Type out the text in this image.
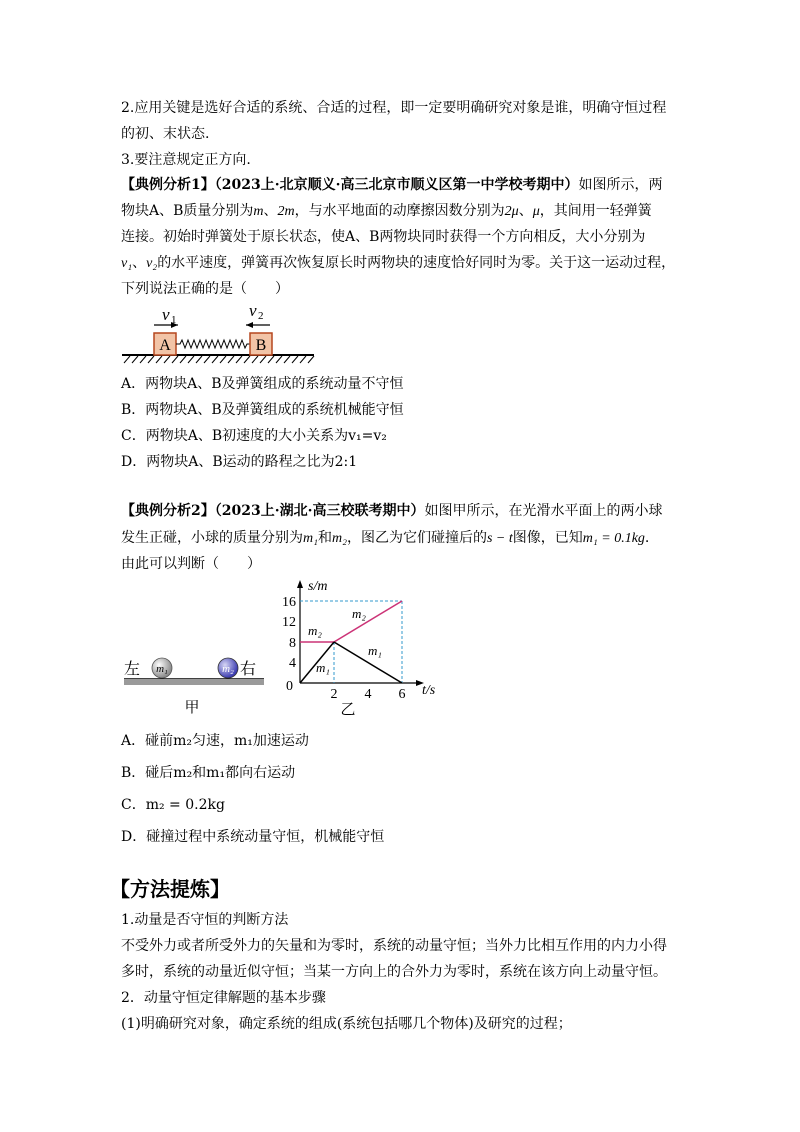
2.应用关键是选好合适的系统、合适的过程，即一定要明确研究对象是谁，明确守恒过程
的初、末状态.
3.要注意规定正方向.
【典例分析1】（2023上·北京顺义·高三北京市顺义区第一中学校考期中）如图所示，两
物块A、B质量分别为m、2m，与水平地面的动摩擦因数分别为2μ、μ，其间用一轻弹簧
连接。初始时弹簧处于原长状态，使A、B两物块同时获得一个方向相反，大小分别为
v₁、v₂的水平速度，弹簧再次恢复原长时两物块的速度恰好同时为零。关于这一运动过程，
下列说法正确的是（　　）
A	B
v 1	v 2
A．两物块A、B及弹簧组成的系统动量不守恒
B．两物块A、B及弹簧组成的系统机械能守恒
C．两物块A、B初速度的大小关系为v₁=v₂
D．两物块A、B运动的路程之比为2:1
【典例分析2】（2023上·湖北·高三校联考期中）如图甲所示，在光滑水平面上的两小球
发生正碰，小球的质量分别为m₁和m₂，图乙为它们碰撞后的s − t图像，已知m₁ = 0.1kg.
由此可以判断（　　）
左	右
m₁	m₂
甲
s/m
t/s
0
16
12
8
4
2 4 6
m₂
m₂
m₁
m₁
乙
A．碰前m₂匀速，m₁加速运动
B．碰后m₂和m₁都向右运动
C．m₂ = 0.2kg
D．碰撞过程中系统动量守恒，机械能守恒
【方法提炼】
1.动量是否守恒的判断方法
不受外力或者所受外力的矢量和为零时，系统的动量守恒；当外力比相互作用的内力小得
多时，系统的动量近似守恒；当某一方向上的合外力为零时，系统在该方向上动量守恒。
2．动量守恒定律解题的基本步骤
(1)明确研究对象，确定系统的组成(系统包括哪几个物体)及研究的过程；
